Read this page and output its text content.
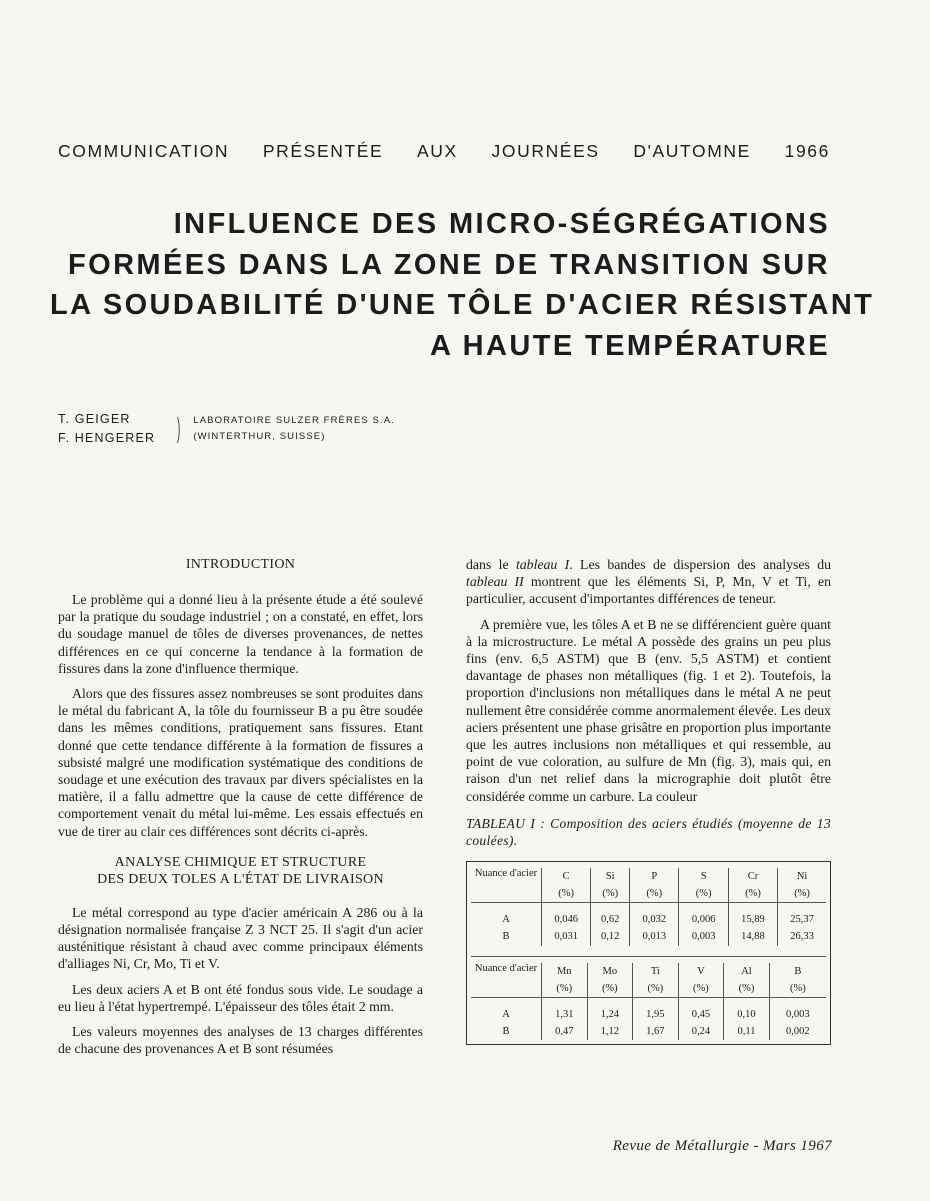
COMMUNICATION PRÉSENTÉE AUX JOURNÉES D'AUTOMNE 1966
INFLUENCE DES MICRO-SÉGRÉGATIONS
FORMÉES DANS LA ZONE DE TRANSITION SUR
LA SOUDABILITÉ D'UNE TÔLE D'ACIER RÉSISTANT
A HAUTE TEMPÉRATURE
T. GEIGER
F. HENGERER ) LABORATOIRE SULZER FRÈRES S.A.
(WINTERTHUR, SUISSE)
INTRODUCTION

Le problème qui a donné lieu à la présente étude a été soulevé par la pratique du soudage industriel ; on a constaté, en effet, lors du soudage manuel de tôles de diverses provenances, de nettes différences en ce qui concerne la tendance à la formation de fissures dans la zone d'influence thermique.

Alors que des fissures assez nombreuses se sont produites dans le métal du fabricant A, la tôle du fournisseur B a pu être soudée dans les mêmes conditions, pratiquement sans fissures. Etant donné que cette tendance différente à la formation de fissures a subsisté malgré une modification systématique des conditions de soudage et une exécution des travaux par divers spécialistes en la matière, il a fallu admettre que la cause de cette différence de comportement venait du métal lui-même. Les essais effectués en vue de tirer au clair ces différences sont décrits ci-après.

ANALYSE CHIMIQUE ET STRUCTURE
DES DEUX TOLES A L'ÉTAT DE LIVRAISON

Le métal correspond au type d'acier américain A 286 ou à la désignation normalisée française Z 3 NCT 25. Il s'agit d'un acier austénitique résistant à chaud avec comme principaux éléments d'alliages Ni, Cr, Mo, Ti et V.

Les deux aciers A et B ont été fondus sous vide. Le soudage a eu lieu à l'état hypertrempé. L'épaisseur des tôles était 2 mm.

Les valeurs moyennes des analyses de 13 charges différentes de chacune des provenances A et B sont résumées

dans le tableau I. Les bandes de dispersion des analyses du tableau II montrent que les éléments Si, P, Mn, V et Ti, en particulier, accusent d'importantes différences de teneur.

A première vue, les tôles A et B ne se différencient guère quant à la microstructure. Le métal A possède des grains un peu plus fins (env. 6,5 ASTM) que B (env. 5,5 ASTM) et contient davantage de phases non métalliques (fig. 1 et 2). Toutefois, la proportion d'inclusions non métalliques dans le métal A ne peut nullement être considérée comme anormalement élevée. Les deux aciers présentent une phase grisâtre en proportion plus importante que les autres inclusions non métalliques et qui ressemble, au point de vue coloration, au sulfure de Mn (fig. 3), mais qui, en raison d'un net relief dans la micrographie doit plutôt être considérée comme un carbure. La couleur

TABLEAU I : Composition des aciers étudiés (moyenne de 13 coulées).
Nuance d'acier	C	Si	P	S	Cr	Ni
	(%)	(%)	(%)	(%)	(%)	(%)

A	0,046	0,62	0,032	0,006	15,89	25,37
B	0,031	0,12	0,013	0,003	14,88	26,33
Nuance d'acier	Mn	Mo	Ti	V	Al	B
	(%)	(%)	(%)	(%)	(%)	(%)

A	1,31	1,24	1,95	0,45	0,10	0,003
B	0,47	1,12	1,67	0,24	0,11	0,002
Revue de Métallurgie - Mars 1967
